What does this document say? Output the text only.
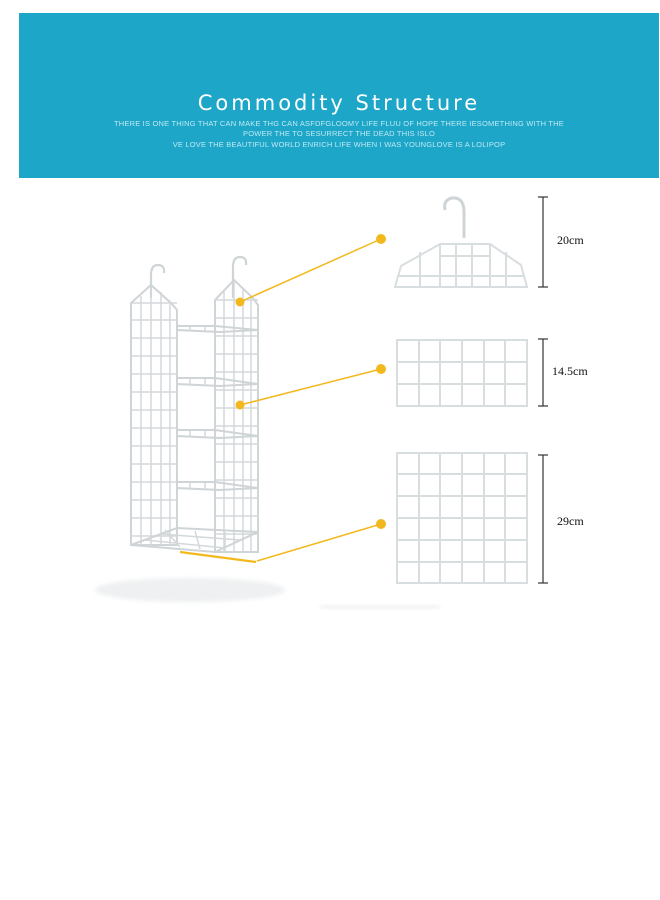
Commodity Structure
THERE IS ONE THING THAT CAN MAKE THG CAN ASFDFGLOOMY LIFE FLUU OF HOPE THERE IESOMETHING WITH THE
POWER THE TO SESURRECT THE DEAD THIS ISLO
VE LOVE THE BEAUTIFUL WORLD ENRICH LIFE WHEN I WAS YOUNGLOVE IS A LOLIPOP
20cm
14.5cm
29cm
